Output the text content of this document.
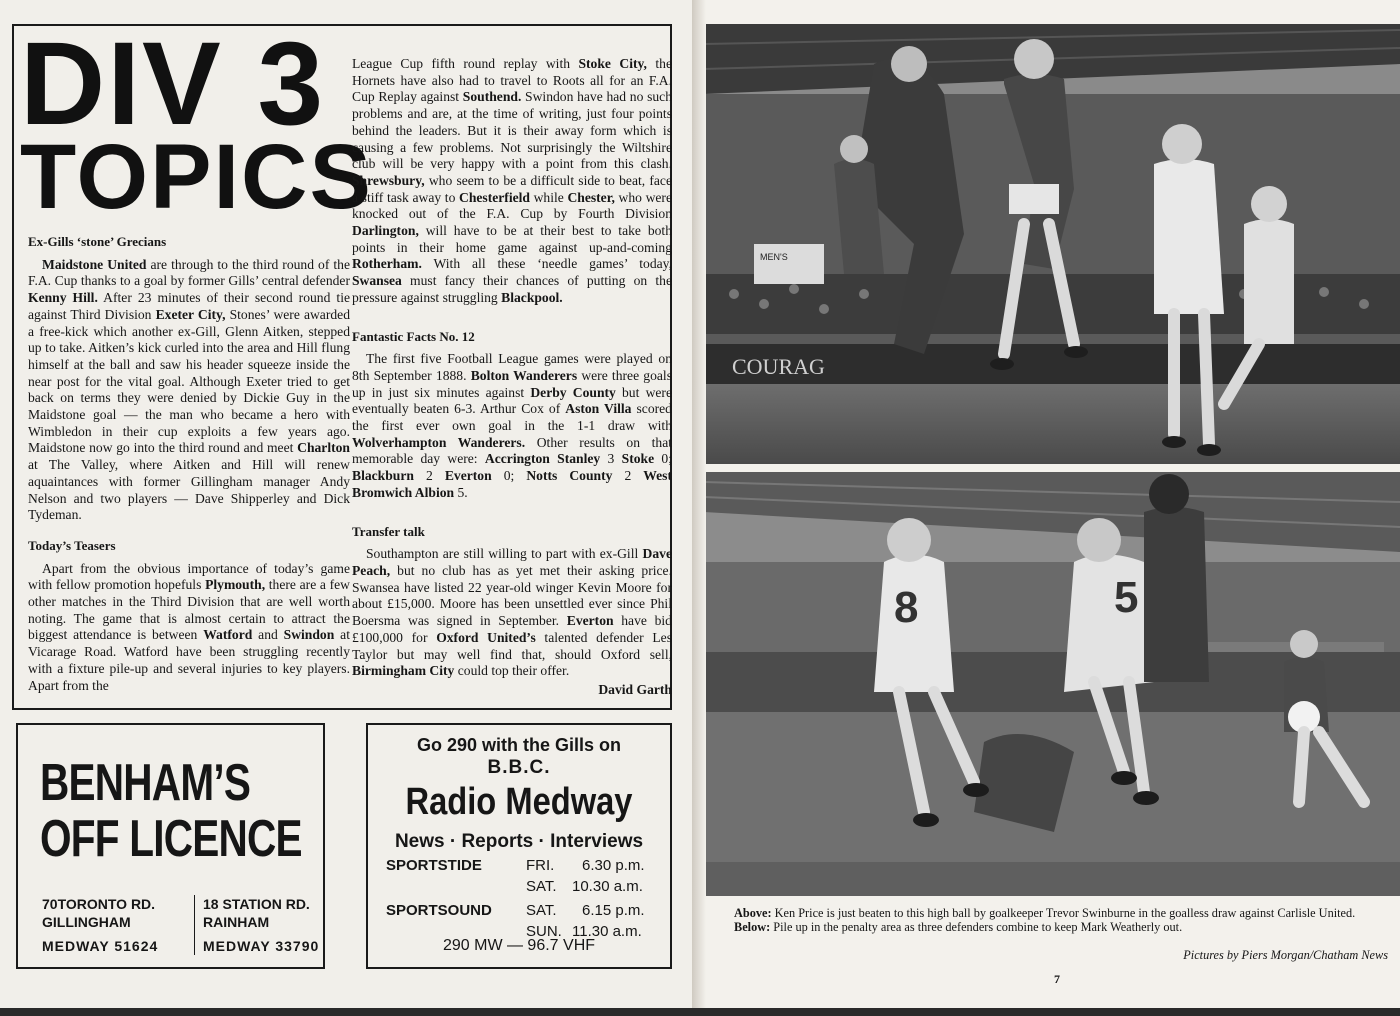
DIV 3
TOPICS

Ex-Gills ‘stone’ Grecians

Maidstone United are through to the third round of the F.A. Cup thanks to a goal by former Gills’ central defender Kenny Hill. After 23 minutes of their second round tie against Third Division Exeter City, Stones’ were awarded a free-kick which another ex-Gill, Glenn Aitken, stepped up to take. Aitken’s kick curled into the area and Hill flung himself at the ball and saw his header squeeze inside the near post for the vital goal. Although Exeter tried to get back on terms they were denied by Dickie Guy in the Maidstone goal — the man who became a hero with Wimbledon in their cup exploits a few years ago. Maidstone now go into the third round and meet Charlton at The Valley, where Aitken and Hill will renew aquaintances with former Gillingham manager Andy Nelson and two players — Dave Shipperley and Dick Tydeman.

Today’s Teasers

Apart from the obvious importance of today’s game with fellow promotion hopefuls Plymouth, there are a few other matches in the Third Division that are well worth noting. The game that is almost certain to attract the biggest attendance is between Watford and Swindon at Vicarage Road. Watford have been struggling recently with a fixture pile-up and several injuries to key players. Apart from the

League Cup fifth round replay with Stoke City, the Hornets have also had to travel to Roots all for an F.A. Cup Replay against Southend. Swindon have had no such problems and are, at the time of writing, just four points behind the leaders. But it is their away form which is causing a few problems. Not surprisingly the Wiltshire club will be very happy with a point from this clash. Shrewsbury, who seem to be a difficult side to beat, face a stiff task away to Chesterfield while Chester, who were knocked out of the F.A. Cup by Fourth Division Darlington, will have to be at their best to take both points in their home game against up-and-coming Rotherham. With all these ‘needle games’ today, Swansea must fancy their chances of putting on the pressure against struggling Blackpool.

Fantastic Facts No. 12

The first five Football League games were played on 8th September 1888. Bolton Wanderers were three goals up in just six minutes against Derby County but were eventually beaten 6-3. Arthur Cox of Aston Villa scored the first ever own goal in the 1-1 draw with Wolverhampton Wanderers. Other results on that memorable day were: Accrington Stanley 3 Stoke 0; Blackburn 2 Everton 0; Notts County 2 West Bromwich Albion 5.

Transfer talk

Southampton are still willing to part with ex-Gill Dave Peach, but no club has as yet met their asking price. Swansea have listed 22 year-old winger Kevin Moore for about £15,000. Moore has been unsettled ever since Phil Boersma was signed in September. Everton have bid £100,000 for Oxford United’s talented defender Les Taylor but may well find that, should Oxford sell, Birmingham City could top their offer.

David Garth

BENHAM’S
OFF LICENCE
70TORONTO RD.
GILLINGHAM
MEDWAY 51624
18 STATION RD.
RAINHAM
MEDWAY 33790
Go 290 with the Gills on
B.B.C.
Radio Medway
News · Reports · Interviews
SPORTSTIDE	FRI. 6.30 p.m.
SAT. 10.30 a.m.
SPORTSOUND SAT. 6.15 p.m.
SUN. 11.30 a.m.
290 MW — 96.7 VHF
COURAG
MEN'S
8	5
Above: Ken Price is just beaten to this high ball by goalkeeper Trevor Swinburne in the goalless draw against Carlisle United.
Below: Pile up in the penalty area as three defenders combine to keep Mark Weatherly out.
Pictures by Piers Morgan/Chatham News
7
